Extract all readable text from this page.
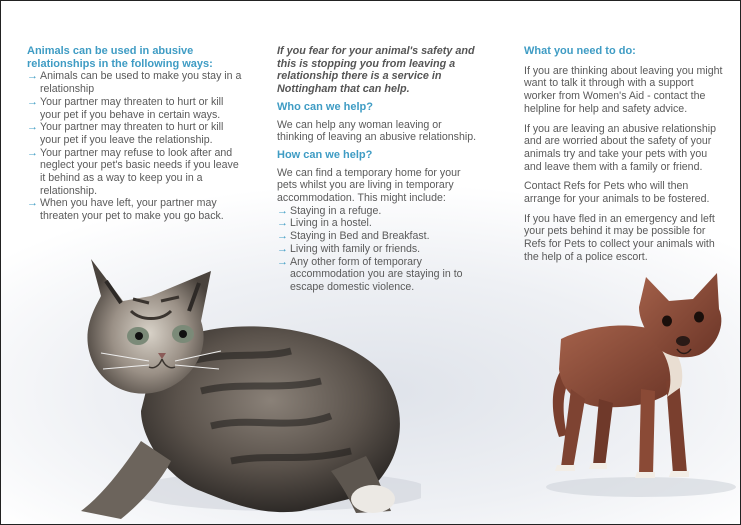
Animals can be used in abusive relationships in the following ways:

→ Animals can be used to make you stay in a relationship
→ Your partner may threaten to hurt or kill your pet if you behave in certain ways.
→ Your partner may threaten to hurt or kill your pet if you leave the relationship.
→ Your partner may refuse to look after and neglect your pet's basic needs if you leave it behind as a way to keep you in a relationship.
→ When you have left, your partner may threaten your pet to make you go back.

If you fear for your animal's safety and this is stopping you from leaving a relationship there is a service in Nottingham that can help.

Who can we help?

We can help any woman leaving or thinking of leaving an abusive relationship.

How can we help?

We can find a temporary home for your pets whilst you are living in temporary accommodation. This might include:

→ Staying in a refuge.
→ Living in a hostel.
→ Staying in Bed and Breakfast.
→ Living with family or friends.
→ Any other form of temporary accommodation you are staying in to escape domestic violence.

What you need to do:

If you are thinking about leaving you might want to talk it through with a support worker from Women's Aid - contact the helpline for help and safety advice.

If you are leaving an abusive relationship and are worried about the safety of your animals try and take your pets with you and leave them with a family or friend.

Contact Refs for Pets who will then arrange for your animals to be fostered.

If you have fled in an emergency and left your pets behind it may be possible for Refs for Pets to collect your animals with the help of a police escort.
